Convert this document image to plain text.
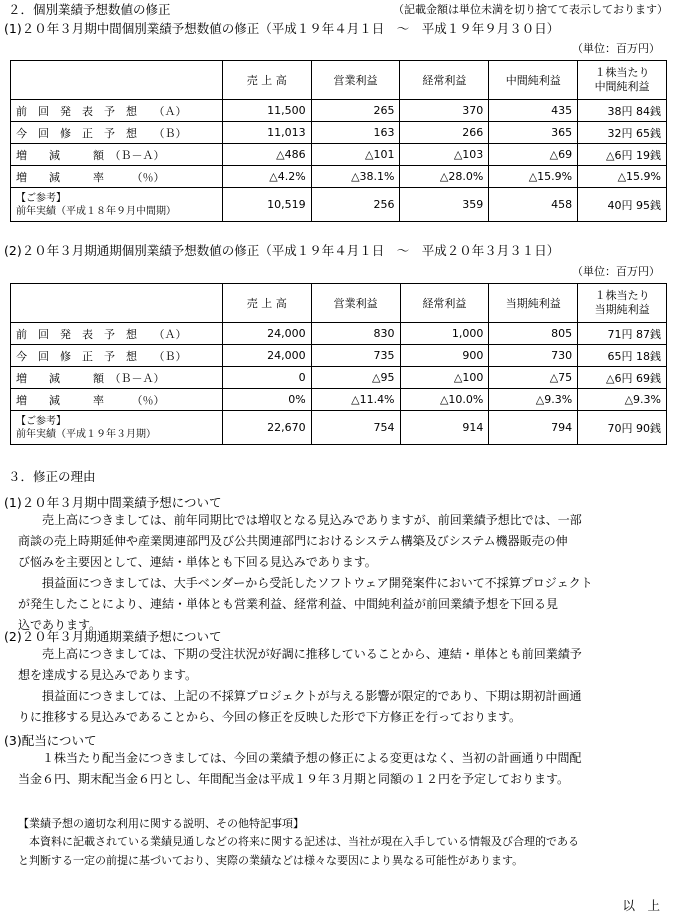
２．個別業績予想数値の修正	（記載金額は単位未満を切り捨てて表示しております）
(1)２０年３月期中間個別業績予想数値の修正（平成１９年４月１日　～　平成１９年９月３０日）
（単位：百万円）
	売 上 高	営業利益	経常利益	中間純利益	１株当たり
中間純利益

前　回　発　表　予　想　　（Ａ）	11,500	265	370	435	38円 84銭
今　回　修　正　予　想　　（Ｂ）	11,013	163	266	365	32円 65銭
増　　減　　　額　（Ｂ－Ａ）	△486	△101	△103	△69	△6円 19銭
増　　減　　　率　　　（％）	△4.2%	△38.1%	△28.0%	△15.9%	△15.9%

【ご参考】
前年実績（平成１８年９月中間期）	10,519	256	359	458	40円 95銭
(2)２０年３月期通期個別業績予想数値の修正（平成１９年４月１日　～　平成２０年３月３１日）
（単位：百万円）
	売 上 高	営業利益	経常利益	当期純利益	１株当たり
当期純利益

前　回　発　表　予　想　　（Ａ）	24,000	830	1,000	805	71円 87銭
今　回　修　正　予　想　　（Ｂ）	24,000	735	900	730	65円 18銭
増　　減　　　額　（Ｂ－Ａ）	0	△95	△100	△75	△6円 69銭
増　　減　　　率　　　（％）	0%	△11.4%	△10.0%	△9.3%	△9.3%

【ご参考】
前年実績（平成１９年３月期）	22,670	754	914	794	70円 90銭
３．修正の理由
(1)２０年３月期中間業績予想について
　　売上高につきましては、前年同期比では増収となる見込みでありますが、前回業績予想比では、一部
商談の売上時期延伸や産業関連部門及び公共関連部門におけるシステム構築及びシステム機器販売の伸
び悩みを主要因として、連結・単体とも下回る見込みであります。
　　損益面につきましては、大手ベンダーから受託したソフトウェア開発案件において不採算プロジェクト
が発生したことにより、連結・単体とも営業利益、経常利益、中間純利益が前回業績予想を下回る見
込であります。
(2)２０年３月期通期業績予想について
　　売上高につきましては、下期の受注状況が好調に推移していることから、連結・単体とも前回業績予
想を達成する見込みであります。
　　損益面につきましては、上記の不採算プロジェクトが与える影響が限定的であり、下期は期初計画通
りに推移する見込みであることから、今回の修正を反映した形で下方修正を行っております。
(3)配当について
　　１株当たり配当金につきましては、今回の業績予想の修正による変更はなく、当初の計画通り中間配
当金６円、期末配当金６円とし、年間配当金は平成１９年３月期と同額の１２円を予定しております。
【業績予想の適切な利用に関する説明、その他特記事項】
　本資料に記載されている業績見通しなどの将来に関する記述は、当社が現在入手している情報及び合理的である
と判断する一定の前提に基づいており、実際の業績などは様々な要因により異なる可能性があります。
以　上
